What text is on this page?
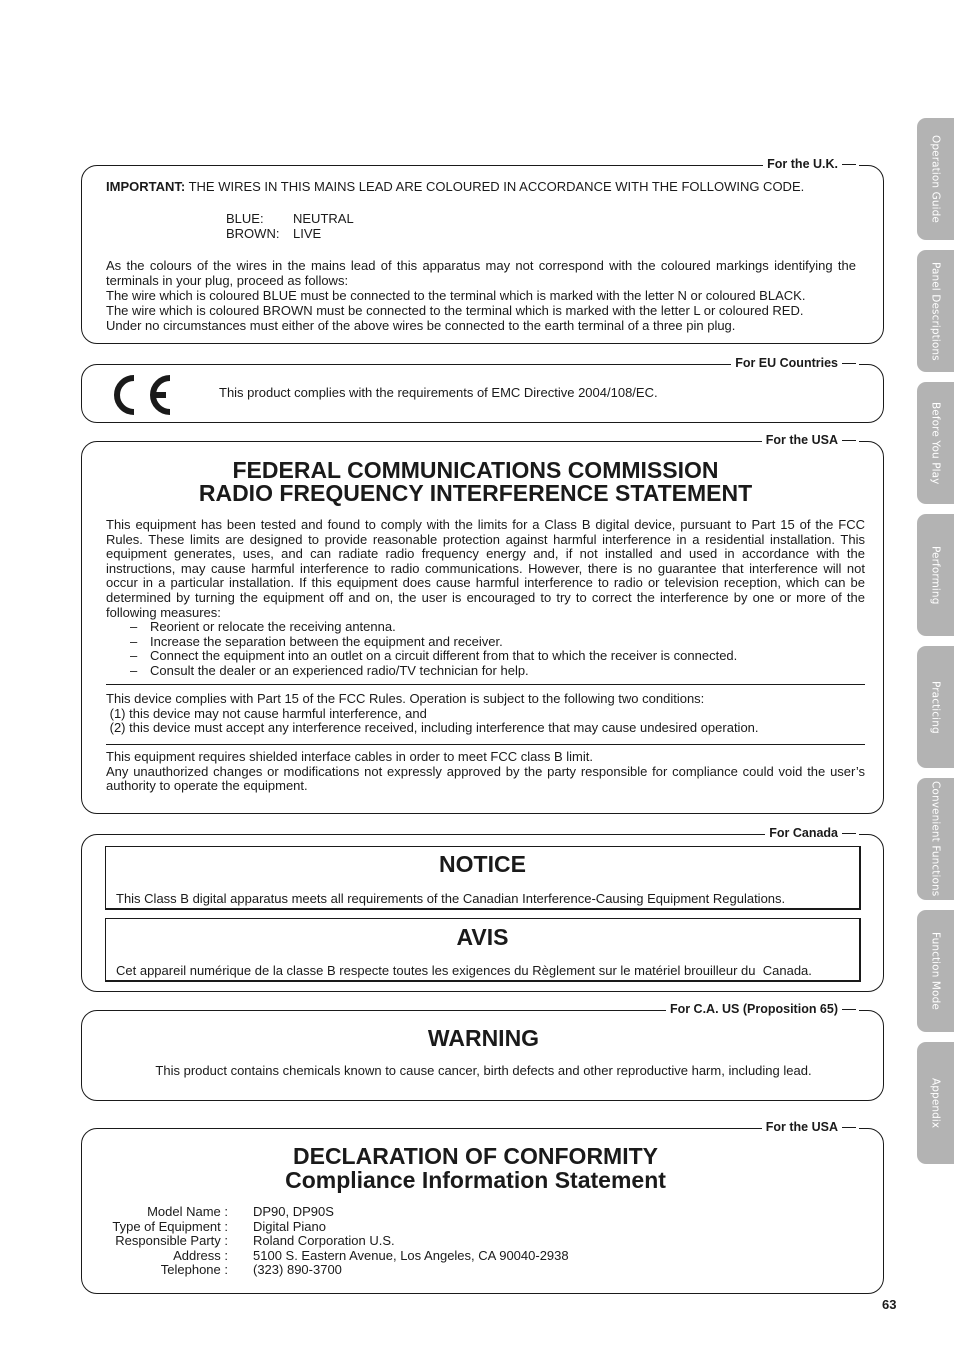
Operation Guide
Panel Descriptions
Before You Play
Performing
Practicing
Convenient Functions
Function Mode
Appendix
For the U.K.
IMPORTANT: THE WIRES IN THIS MAINS LEAD ARE COLOURED IN ACCORDANCE WITH THE FOLLOWING CODE.
BLUE:	NEUTRAL
BROWN:	LIVE
As the colours of the wires in the mains lead of this apparatus may not correspond with the coloured markings identifying the terminals in your plug, proceed as follows:
The wire which is coloured BLUE must be connected to the terminal which is marked with the letter N or coloured BLACK.
The wire which is coloured BROWN must be connected to the terminal which is marked with the letter L or coloured RED.
Under no circumstances must either of the above wires be connected to the earth terminal of a three pin plug.
For EU Countries
This product complies with the requirements of EMC Directive 2004/108/EC.
For the USA
FEDERAL COMMUNICATIONS COMMISSION
RADIO FREQUENCY INTERFERENCE STATEMENT
This equipment has been tested and found to comply with the limits for a Class B digital device, pursuant to Part 15 of the FCC Rules. These limits are designed to provide reasonable protection against harmful interference in a residential installation. This equipment generates, uses, and can radiate radio frequency energy and, if not installed and used in accordance with the instructions, may cause harmful interference to radio communications. However, there is no guarantee that interference will not occur in a particular installation. If this equipment does cause harmful interference to radio or television reception, which can be determined by turning the equipment off and on, the user is encouraged to try to correct the interference by one or more of the following measures:
– Reorient or relocate the receiving antenna.
– Increase the separation between the equipment and receiver.
– Connect the equipment into an outlet on a circuit different from that to which the receiver is connected.
– Consult the dealer or an experienced radio/TV technician for help.
This device complies with Part 15 of the FCC Rules. Operation is subject to the following two conditions:
(1) this device may not cause harmful interference, and
(2) this device must accept any interference received, including interference that may cause undesired operation.
This equipment requires shielded interface cables in order to meet FCC class B limit.
Any unauthorized changes or modifications not expressly approved by the party responsible for compliance could void the user’s authority to operate the equipment.
For Canada
NOTICE
This Class B digital apparatus meets all requirements of the Canadian Interference-Causing Equipment Regulations.
AVIS
Cet appareil numérique de la classe B respecte toutes les exigences du Règlement sur le matériel brouilleur du  Canada.
For C.A. US (Proposition 65)
WARNING
This product contains chemicals known to cause cancer, birth defects and other reproductive harm, including lead.
For the USA
DECLARATION OF CONFORMITY
Compliance Information Statement
Model Name :	DP90, DP90S
Type of Equipment :	Digital Piano
Responsible Party :	Roland Corporation U.S.
Address :	5100 S. Eastern Avenue, Los Angeles, CA 90040-2938
Telephone :	(323) 890-3700
63
